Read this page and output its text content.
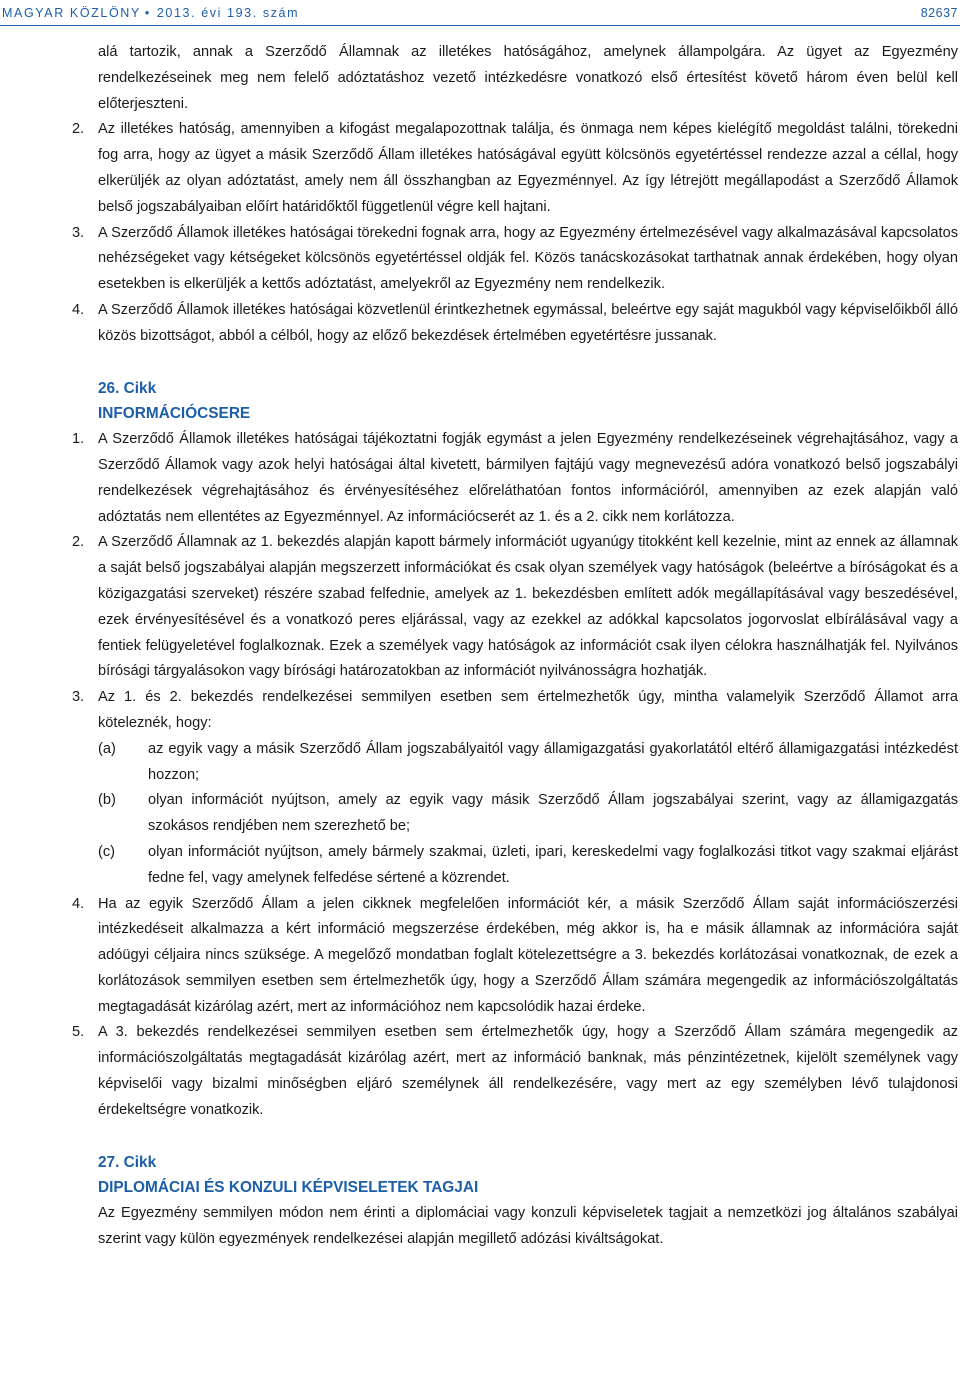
MAGYAR KÖZLÖNY • 2013. évi 193. szám	82637
alá tartozik, annak a Szerződő Államnak az illetékes hatóságához, amelynek állampolgára. Az ügyet az Egyezmény rendelkezéseinek meg nem felelő adóztatáshoz vezető intézkedésre vonatkozó első értesítést követő három éven belül kell előterjeszteni.
2. Az illetékes hatóság, amennyiben a kifogást megalapozottnak találja, és önmaga nem képes kielégítő megoldást találni, törekedni fog arra, hogy az ügyet a másik Szerződő Állam illetékes hatóságával együtt kölcsönös egyetértéssel rendezze azzal a céllal, hogy elkerüljék az olyan adóztatást, amely nem áll összhangban az Egyezménnyel. Az így létrejött megállapodást a Szerződő Államok belső jogszabályaiban előírt határidőktől függetlenül végre kell hajtani.
3. A Szerződő Államok illetékes hatóságai törekedni fognak arra, hogy az Egyezmény értelmezésével vagy alkalmazásával kapcsolatos nehézségeket vagy kétségeket kölcsönös egyetértéssel oldják fel. Közös tanácskozásokat tarthatnak annak érdekében, hogy olyan esetekben is elkerüljék a kettős adóztatást, amelyekről az Egyezmény nem rendelkezik.
4. A Szerződő Államok illetékes hatóságai közvetlenül érintkezhetnek egymással, beleértve egy saját magukból vagy képviselőikből álló közös bizottságot, abból a célból, hogy az előző bekezdések értelmében egyetértésre jussanak.
26. Cikk
INFORMÁCIÓCSERE
1. A Szerződő Államok illetékes hatóságai tájékoztatni fogják egymást a jelen Egyezmény rendelkezéseinek végrehajtásához, vagy a Szerződő Államok vagy azok helyi hatóságai által kivetett, bármilyen fajtájú vagy megnevezésű adóra vonatkozó belső jogszabályi rendelkezések végrehajtásához és érvényesítéséhez előreláthatóan fontos információról, amennyiben az ezek alapján való adóztatás nem ellentétes az Egyezménnyel. Az információcserét az 1. és a 2. cikk nem korlátozza.
2. A Szerződő Államnak az 1. bekezdés alapján kapott bármely információt ugyanúgy titokként kell kezelnie, mint az ennek az államnak a saját belső jogszabályai alapján megszerzett információkat és csak olyan személyek vagy hatóságok (beleértve a bíróságokat és a közigazgatási szerveket) részére szabad felfednie, amelyek az 1. bekezdésben említett adók megállapításával vagy beszedésével, ezek érvényesítésével és a vonatkozó peres eljárással, vagy az ezekkel az adókkal kapcsolatos jogorvoslat elbírálásával vagy a fentiek felügyeletével foglalkoznak. Ezek a személyek vagy hatóságok az információt csak ilyen célokra használhatják fel. Nyilvános bírósági tárgyalásokon vagy bírósági határozatokban az információt nyilvánosságra hozhatják.
3. Az 1. és 2. bekezdés rendelkezései semmilyen esetben sem értelmezhetők úgy, mintha valamelyik Szerződő Államot arra köteleznék, hogy:
(a) az egyik vagy a másik Szerződő Állam jogszabályaitól vagy államigazgatási gyakorlatától eltérő államigazgatási intézkedést hozzon;
(b) olyan információt nyújtson, amely az egyik vagy másik Szerződő Állam jogszabályai szerint, vagy az államigazgatás szokásos rendjében nem szerezhető be;
(c) olyan információt nyújtson, amely bármely szakmai, üzleti, ipari, kereskedelmi vagy foglalkozási titkot vagy szakmai eljárást fedne fel, vagy amelynek felfedése sértené a közrendet.
4. Ha az egyik Szerződő Állam a jelen cikknek megfelelően információt kér, a másik Szerződő Állam saját információszerzési intézkedéseit alkalmazza a kért információ megszerzése érdekében, még akkor is, ha e másik államnak az információra saját adóügyi céljaira nincs szüksége. A megelőző mondatban foglalt kötelezettségre a 3. bekezdés korlátozásai vonatkoznak, de ezek a korlátozások semmilyen esetben sem értelmezhetők úgy, hogy a Szerződő Állam számára megengedik az információszolgáltatás megtagadását kizárólag azért, mert az információhoz nem kapcsolódik hazai érdeke.
5. A 3. bekezdés rendelkezései semmilyen esetben sem értelmezhetők úgy, hogy a Szerződő Állam számára megengedik az információszolgáltatás megtagadását kizárólag azért, mert az információ banknak, más pénzintézetnek, kijelölt személynek vagy képviselői vagy bizalmi minőségben eljáró személynek áll rendelkezésére, vagy mert az egy személyben lévő tulajdonosi érdekeltségre vonatkozik.
27. Cikk
DIPLOMÁCIAI ÉS KONZULI KÉPVISELETEK TAGJAI
Az Egyezmény semmilyen módon nem érinti a diplomáciai vagy konzuli képviseletek tagjait a nemzetközi jog általános szabályai szerint vagy külön egyezmények rendelkezései alapján megillető adózási kiváltságokat.
